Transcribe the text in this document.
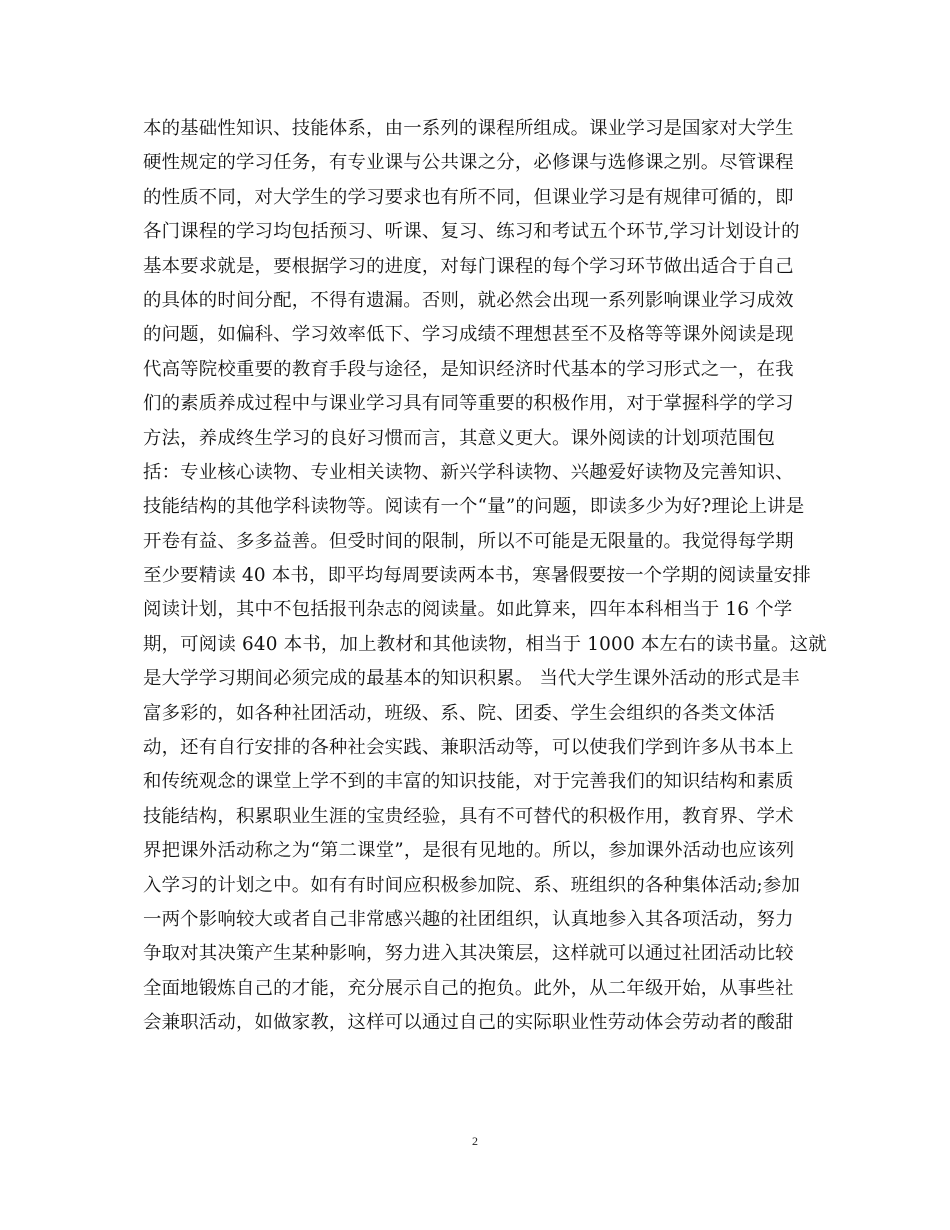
本的基础性知识、技能体系，由一系列的课程所组成。课业学习是国家对大学生
硬性规定的学习任务，有专业课与公共课之分，必修课与选修课之别。尽管课程
的性质不同，对大学生的学习要求也有所不同，但课业学习是有规律可循的，即
各门课程的学习均包括预习、听课、复习、练习和考试五个环节,学习计划设计的
基本要求就是，要根据学习的进度，对每门课程的每个学习环节做出适合于自己
的具体的时间分配，不得有遗漏。否则，就必然会出现一系列影响课业学习成效
的问题，如偏科、学习效率低下、学习成绩不理想甚至不及格等等课外阅读是现
代高等院校重要的教育手段与途径，是知识经济时代基本的学习形式之一，在我
们的素质养成过程中与课业学习具有同等重要的积极作用，对于掌握科学的学习
方法，养成终生学习的良好习惯而言，其意义更大。课外阅读的计划项范围包
括：专业核心读物、专业相关读物、新兴学科读物、兴趣爱好读物及完善知识、
技能结构的其他学科读物等。阅读有一个“量”的问题，即读多少为好?理论上讲是
开卷有益、多多益善。但受时间的限制，所以不可能是无限量的。我觉得每学期
至少要精读 40 本书，即平均每周要读两本书，寒暑假要按一个学期的阅读量安排
阅读计划，其中不包括报刊杂志的阅读量。如此算来，四年本科相当于 16 个学
期，可阅读 640 本书，加上教材和其他读物，相当于 1000 本左右的读书量。这就
是大学学习期间必须完成的最基本的知识积累。 当代大学生课外活动的形式是丰
富多彩的，如各种社团活动，班级、系、院、团委、学生会组织的各类文体活
动，还有自行安排的各种社会实践、兼职活动等，可以使我们学到许多从书本上
和传统观念的课堂上学不到的丰富的知识技能，对于完善我们的知识结构和素质
技能结构，积累职业生涯的宝贵经验，具有不可替代的积极作用，教育界、学术
界把课外活动称之为“第二课堂”，是很有见地的。所以，参加课外活动也应该列
入学习的计划之中。如有有时间应积极参加院、系、班组织的各种集体活动;参加
一两个影响较大或者自己非常感兴趣的社团组织，认真地参入其各项活动，努力
争取对其决策产生某种影响，努力进入其决策层，这样就可以通过社团活动比较
全面地锻炼自己的才能，充分展示自己的抱负。此外，从二年级开始，从事些社
会兼职活动，如做家教，这样可以通过自己的实际职业性劳动体会劳动者的酸甜
2
